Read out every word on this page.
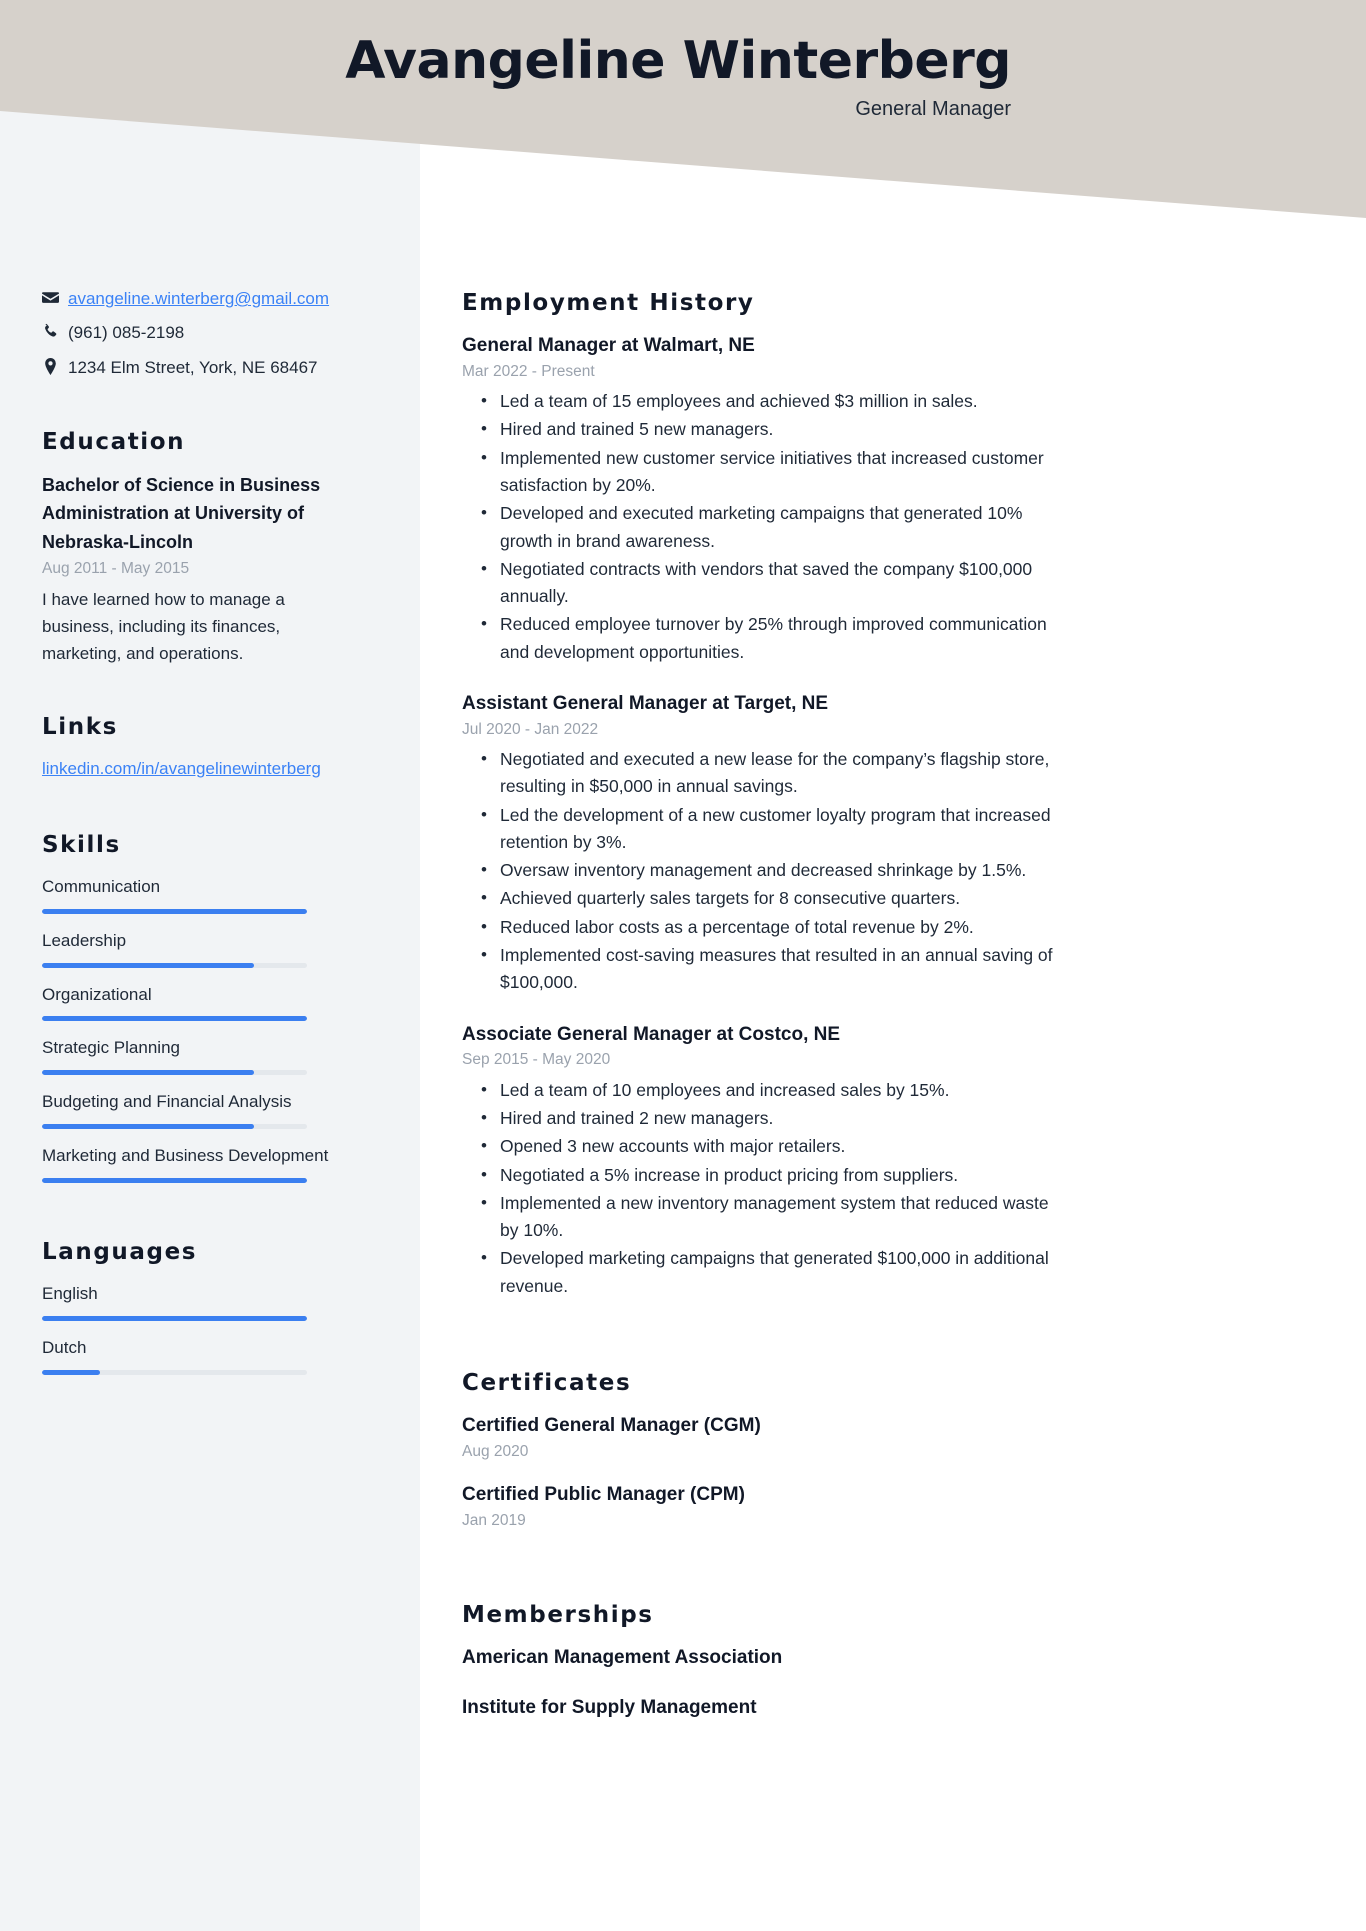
avangeline.winterberg@gmail.com
(961) 085-2198
1234 Elm Street, York, NE 68467
Education
Bachelor of Science in Business Administration at University of Nebraska-Lincoln
Aug 2011 - May 2015

I have learned how to manage a business, including its finances, marketing, and operations.

Links
linkedin.com/in/avangelinewinterberg
Skills
Communication
Leadership
Organizational
Strategic Planning
Budgeting and Financial Analysis
Marketing and Business Development
Languages
English
Dutch
Avangeline Winterberg
General Manager
Employment History
General Manager at Walmart, NE
Mar 2022 - Present
• Led a team of 15 employees and achieved $3 million in sales.
• Hired and trained 5 new managers.
• Implemented new customer service initiatives that increased customer satisfaction by 20%.
• Developed and executed marketing campaigns that generated 10% growth in brand awareness.
• Negotiated contracts with vendors that saved the company $100,000 annually.
• Reduced employee turnover by 25% through improved communication and development opportunities.
Assistant General Manager at Target, NE
Jul 2020 - Jan 2022
• Negotiated and executed a new lease for the company’s flagship store, resulting in $50,000 in annual savings.
• Led the development of a new customer loyalty program that increased retention by 3%.
• Oversaw inventory management and decreased shrinkage by 1.5%.
• Achieved quarterly sales targets for 8 consecutive quarters.
• Reduced labor costs as a percentage of total revenue by 2%.
• Implemented cost-saving measures that resulted in an annual saving of $100,000.
Associate General Manager at Costco, NE
Sep 2015 - May 2020
• Led a team of 10 employees and increased sales by 15%.
• Hired and trained 2 new managers.
• Opened 3 new accounts with major retailers.
• Negotiated a 5% increase in product pricing from suppliers.
• Implemented a new inventory management system that reduced waste by 10%.
• Developed marketing campaigns that generated $100,000 in additional revenue.
Certificates
Certified General Manager (CGM)
Aug 2020
Certified Public Manager (CPM)
Jan 2019
Memberships
American Management Association
Institute for Supply Management
